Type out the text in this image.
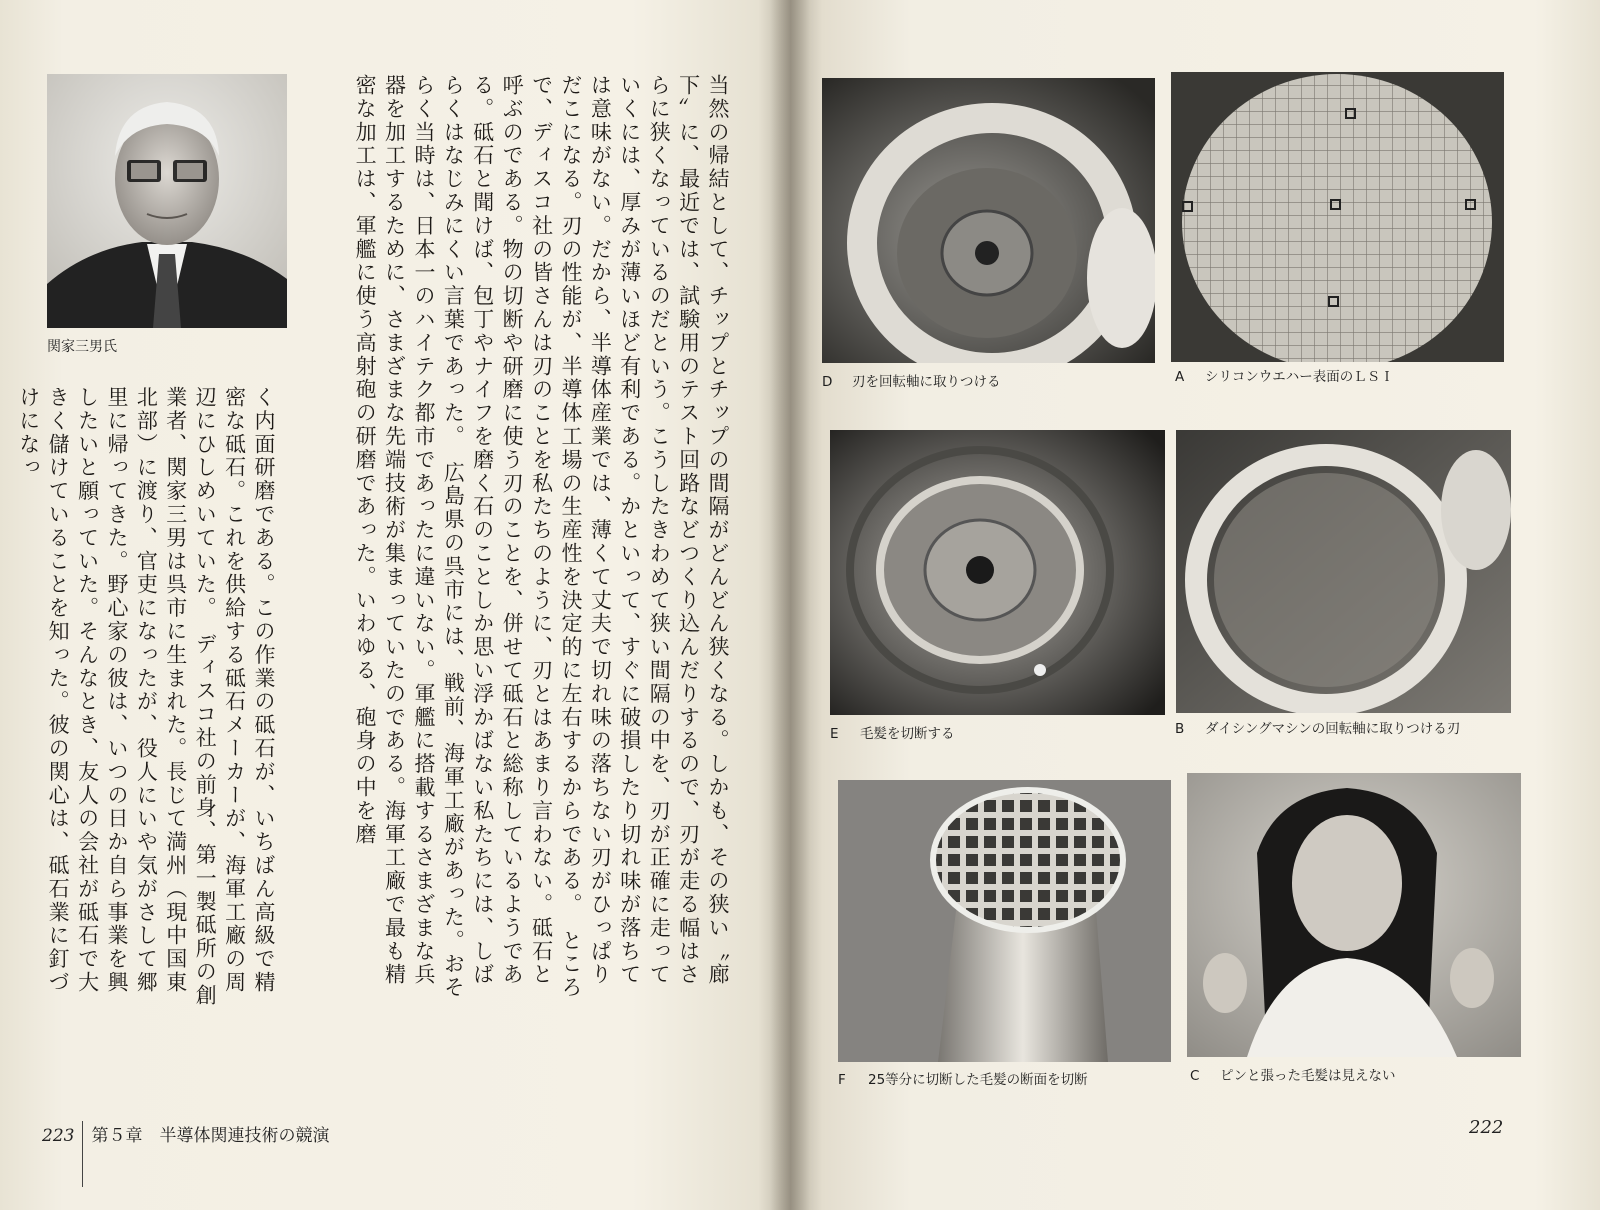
関家三男氏	当然の帰結として、チップとチップの間隔がどんどん狭くなる。しかも、その狭い〝廊下〟に、最近では、試験用のテスト回路などつくり込んだりするので、刃が走る幅はさらに狭くなっているのだという。こうしたきわめて狭い間隔の中を、刃が正確に走っていくには、厚みが薄いほど有利である。かといって、すぐに破損したり切れ味が落ちては意味がない。だから、半導体産業では、薄くて丈夫で切れ味の落ちない刃がひっぱりだこになる。刃の性能が、半導体工場の生産性を決定的に左右するからである。　ところで、ディスコ社の皆さんは刃のことを私たちのように、刃とはあまり言わない。砥石と呼ぶのである。物の切断や研磨に使う刃のことを、併せて砥石と総称しているようである。砥石と聞けば、包丁やナイフを磨く石のことしか思い浮かばない私たちには、しばらくはなじみにくい言葉であった。　広島県の呉市には、戦前、海軍工廠があった。おそらく当時は、日本一のハイテク都市であったに違いない。軍艦に搭載するさまざまな兵器を加工するために、さまざまな先端技術が集まっていたのである。海軍工廠で最も精密な加工は、軍艦に使う高射砲の研磨であった。いわゆる、砲身の中を磨
く内面研磨である。この作業の砥石が、いちばん高級で精密な砥石。これを供給する砥石メーカーが、海軍工廠の周辺にひしめいていた。　ディスコ社の前身、第一製砥所の創業者、関家三男は呉市に生まれた。長じて満州（現中国東北部）に渡り、官吏になったが、役人にいや気がさして郷里に帰ってきた。野心家の彼は、いつの日か自ら事業を興したいと願っていた。そんなとき、友人の会社が砥石で大きく儲けていることを知った。彼の関心は、砥石業に釘づけになっ
223 第５章　半導体関連技術の競演
D 刃を回転軸に取りつける	A シリコンウエハー表面のＬＳＩ
E 毛髪を切断する	B ダイシングマシンの回転軸に取りつける刃
F 25等分に切断した毛髪の断面を切断	C ピンと張った毛髪は見えない
222
